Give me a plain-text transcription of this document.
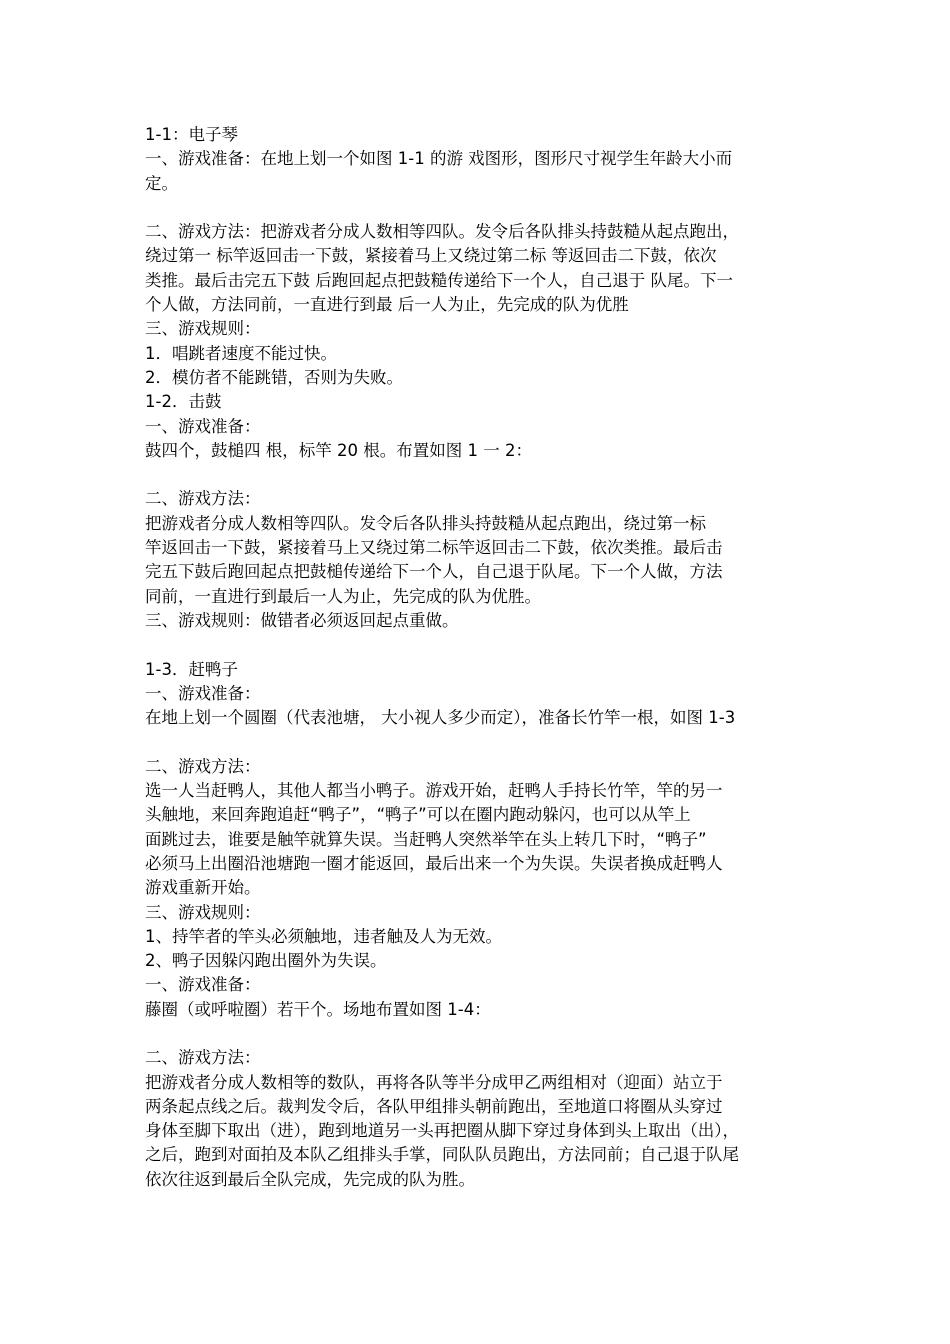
1-1：电子琴
一、游戏准备：在地上划一个如图 1-1 的游 戏图形，图形尺寸视学生年龄大小而
定。
二、游戏方法：把游戏者分成人数相等四队。发令后各队排头持鼓糙从起点跑出，
绕过第一 标竿返回击一下鼓，紧接着马上又绕过第二标 等返回击二下鼓，依次
类推。最后击完五下鼓 后跑回起点把鼓糙传递给下一个人，自己退于 队尾。下一
个人做，方法同前，一直进行到最 后一人为止，先完成的队为优胜
三、游戏规则：
1．唱跳者速度不能过快。
2．模仿者不能跳错，否则为失败。
1-2．击鼓
一、游戏准备：
鼓四个，鼓槌四 根，标竿 20 根。布置如图 1 一 2：
二、游戏方法：
把游戏者分成人数相等四队。发令后各队排头持鼓糙从起点跑出，绕过第一标
竿返回击一下鼓，紧接着马上又绕过第二标竿返回击二下鼓，依次类推。最后击
完五下鼓后跑回起点把鼓槌传递给下一个人，自己退于队尾。下一个人做，方法
同前，一直进行到最后一人为止，先完成的队为优胜。
三、游戏规则：做错者必须返回起点重做。
1-3．赶鸭子
一、游戏准备：
在地上划一个圆圈（代表池塘， 大小视人多少而定），准备长竹竿一根，如图 1-3
二、游戏方法：
选一人当赶鸭人，其他人都当小鸭子。游戏开始，赶鸭人手持长竹竿，竿的另一
头触地，来回奔跑追赶“鸭子”，“鸭子”可以在圈内跑动躲闪，也可以从竿上
面跳过去，谁要是触竿就算失误。当赶鸭人突然举竿在头上转几下时，“鸭子”
必须马上出圈沿池塘跑一圈才能返回，最后出来一个为失误。失误者换成赶鸭人
游戏重新开始。
三、游戏规则：
1、持竿者的竿头必须触地，违者触及人为无效。
2、鸭子因躲闪跑出圈外为失误。
一、游戏准备：
藤圈（或呼啦圈）若干个。场地布置如图 1-4：
二、游戏方法：
把游戏者分成人数相等的数队，再将各队等半分成甲乙两组相对（迎面）站立于
两条起点线之后。裁判发令后，各队甲组排头朝前跑出，至地道口将圈从头穿过
身体至脚下取出（进），跑到地道另一头再把圈从脚下穿过身体到头上取出（出），
之后，跑到对面拍及本队乙组排头手掌，同队队员跑出，方法同前；自己退于队尾
依次往返到最后全队完成，先完成的队为胜。
